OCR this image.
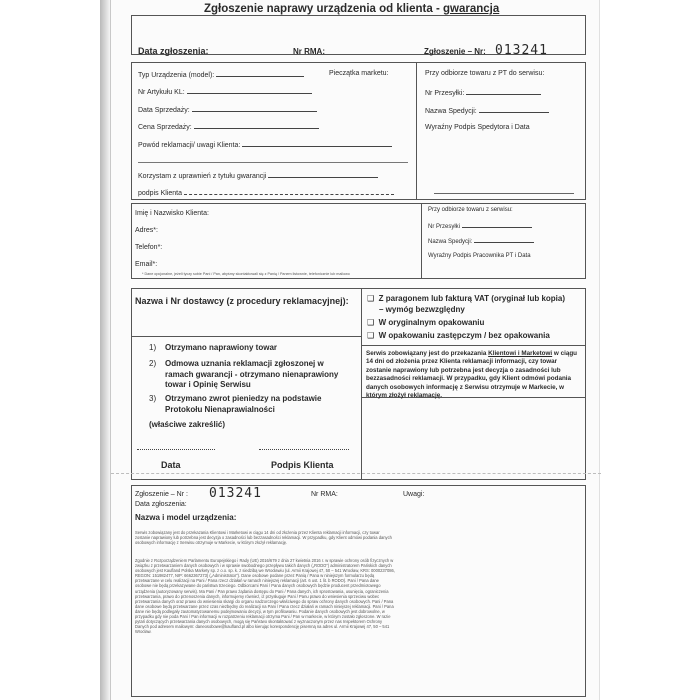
Zgłoszenie naprawy urządzenia od klienta - gwarancja
Data zgłoszenia:	Nr RMA:	Zgłoszenie – Nr: 013241
Typ Urządzenia (model):	Pieczątka marketu:
Nr Artykułu KL:
Data Sprzedaży:
Cena Sprzedaży:
Powód reklamacji/ uwagi Klienta:
Korzystam z uprawnień z tytułu gwarancji
podpis Klienta
Przy odbiorze towaru z PT do serwisu:
Nr Przesyłki:
Nazwa Spedycji:
Wyraźny Podpis Spedytora i Data
Imię i Nazwisko Klienta:
Adres*:
Telefon*:
Email*:
* Dane opcjonalne, jeżeli tyczy sobie Pani / Pan, abyśmy skontaktowali się z Panią / Panem listownie, telefonicznie lub mailowo
Przy odbiorze towaru z serwisu:
Nr Przesyłki
Nazwa Spedycji:
Wyraźny Podpis Pracownika PT i Data
Nazwa i Nr dostawcy (z procedury reklamacyjnej): ❑ Z paragonem lub fakturą VAT (oryginał lub kopia)
– wymóg bezwzględny
❑ W oryginalnym opakowaniu
❑ W opakowaniu zastępczym / bez opakowania
Serwis zobowiązany jest do przekazania Klientowi i Marketowi w ciągu 14 dni od złożenia przez Klienta reklamacji informacji, czy towar zostanie naprawiony lub potrzebna jest decyzja o zasadności lub bezzasadności reklamacji. W przypadku, gdy Klient odmówi podania danych osobowych informację z Serwisu otrzymuje w Markecie, w którym złożył reklamację.
1) Otrzymano naprawiony towar
2) Odmowa uznania reklamacji zgłoszonej w ramach gwarancji - otrzymano nienaprawiony towar i Opinię Serwisu
3) Otrzymano zwrot pieniedzy na podstawie Protokołu Nienaprawialności
(właściwe zakreślić)
Data	Podpis Klienta
Zgłoszenie – Nr : 013241	Nr RMA:	Uwagi:
Data zgłoszenia:
Nazwa i model urządzenia:
Serwis zobowiązany jest do przekazania Klientowi i Marketowi w ciągu 14 dni od złożenia przez Klienta reklamacji informacji, czy towar zostanie naprawiony lub potrzebna jest decyzja o zasadności lub bezzasadności reklamacji. W przypadku, gdy Klient odmówi podania danych osobowych informację z Serwisu otrzymuje w Markecie, w którym złożył reklamację.
Zgodnie z Rozporządzeniem Parlamentu Europejskiego i Rady (UE) 2016/679 z dnia 27 kwietnia 2016 r. w sprawie ochrony osób fizycznych w związku z przetwarzaniem danych osobowych i w sprawie swobodnego przepływu takich danych („RODO”) administratorem Pańskich danych osobowych jest Kaufland Polska Markety sp. z o.o. sp. k. z siedzibą we Wrocławiu (ul. Armii Krajowej 47, 50 – 541 Wrocław, KRS: 0000237086, REGON: 151982477, NIP: 6662367273) („Administrator”). Dane osobowe podane przez Panią / Pana w niniejszym formularzu będą przetwarzane w celu realizacji na Pani / Pana rzecz działań w ramach niniejszej reklamacji (art. 6 ust. 1 lit. b RODO). Pani / Pana dane osobowe nie będą przekazywane do państwa trzeciego. Odbiorcami Pani / Pana danych osobowych będzie producent przedmiotowego urządzenia (autoryzowany serwis). Ma Pani / Pan prawo żądania dostępu do Pani / Pana danych, ich sprostowania, usunięcia, ograniczenia przetwarzania, prawo do przenoszenia danych, informujemy również, iż przysługuje Pani / Panu prawo do wniesienia sprzeciwu wobec przetwarzania danych oraz prawo do wniesienia skargi do organu nadzorczego właściwego do spraw ochrony danych osobowych. Pani / Pana dane osobowe będą przetwarzane przez czas niezbędny do realizacji na Pani / Pana rzecz działań w ramach niniejszej reklamacji. Pani / Pana dane nie będą podlegały zautomatyzowanemu podejmowaniu decyzji, w tym profilowaniu. Podanie danych osobowych jest dobrowolne, w przypadku gdy nie poda Pani / Pan informacji w rozpatrzeniu reklamacji otrzyma Pani / Pan w markecie, w którym zostało zgłoszone. W razie pytań dotyczących przetwarzania danych osobowych, mogą się Państwo skontaktować z wyznaczonym przez nas Inspektorem Ochrony Danych pod adresem mailowym: daneosobowe@kaufland.pl albo kierując korespondencję pisemną na adres ul. Armii Krajowej 47, 50 – 541 Wrocław.
